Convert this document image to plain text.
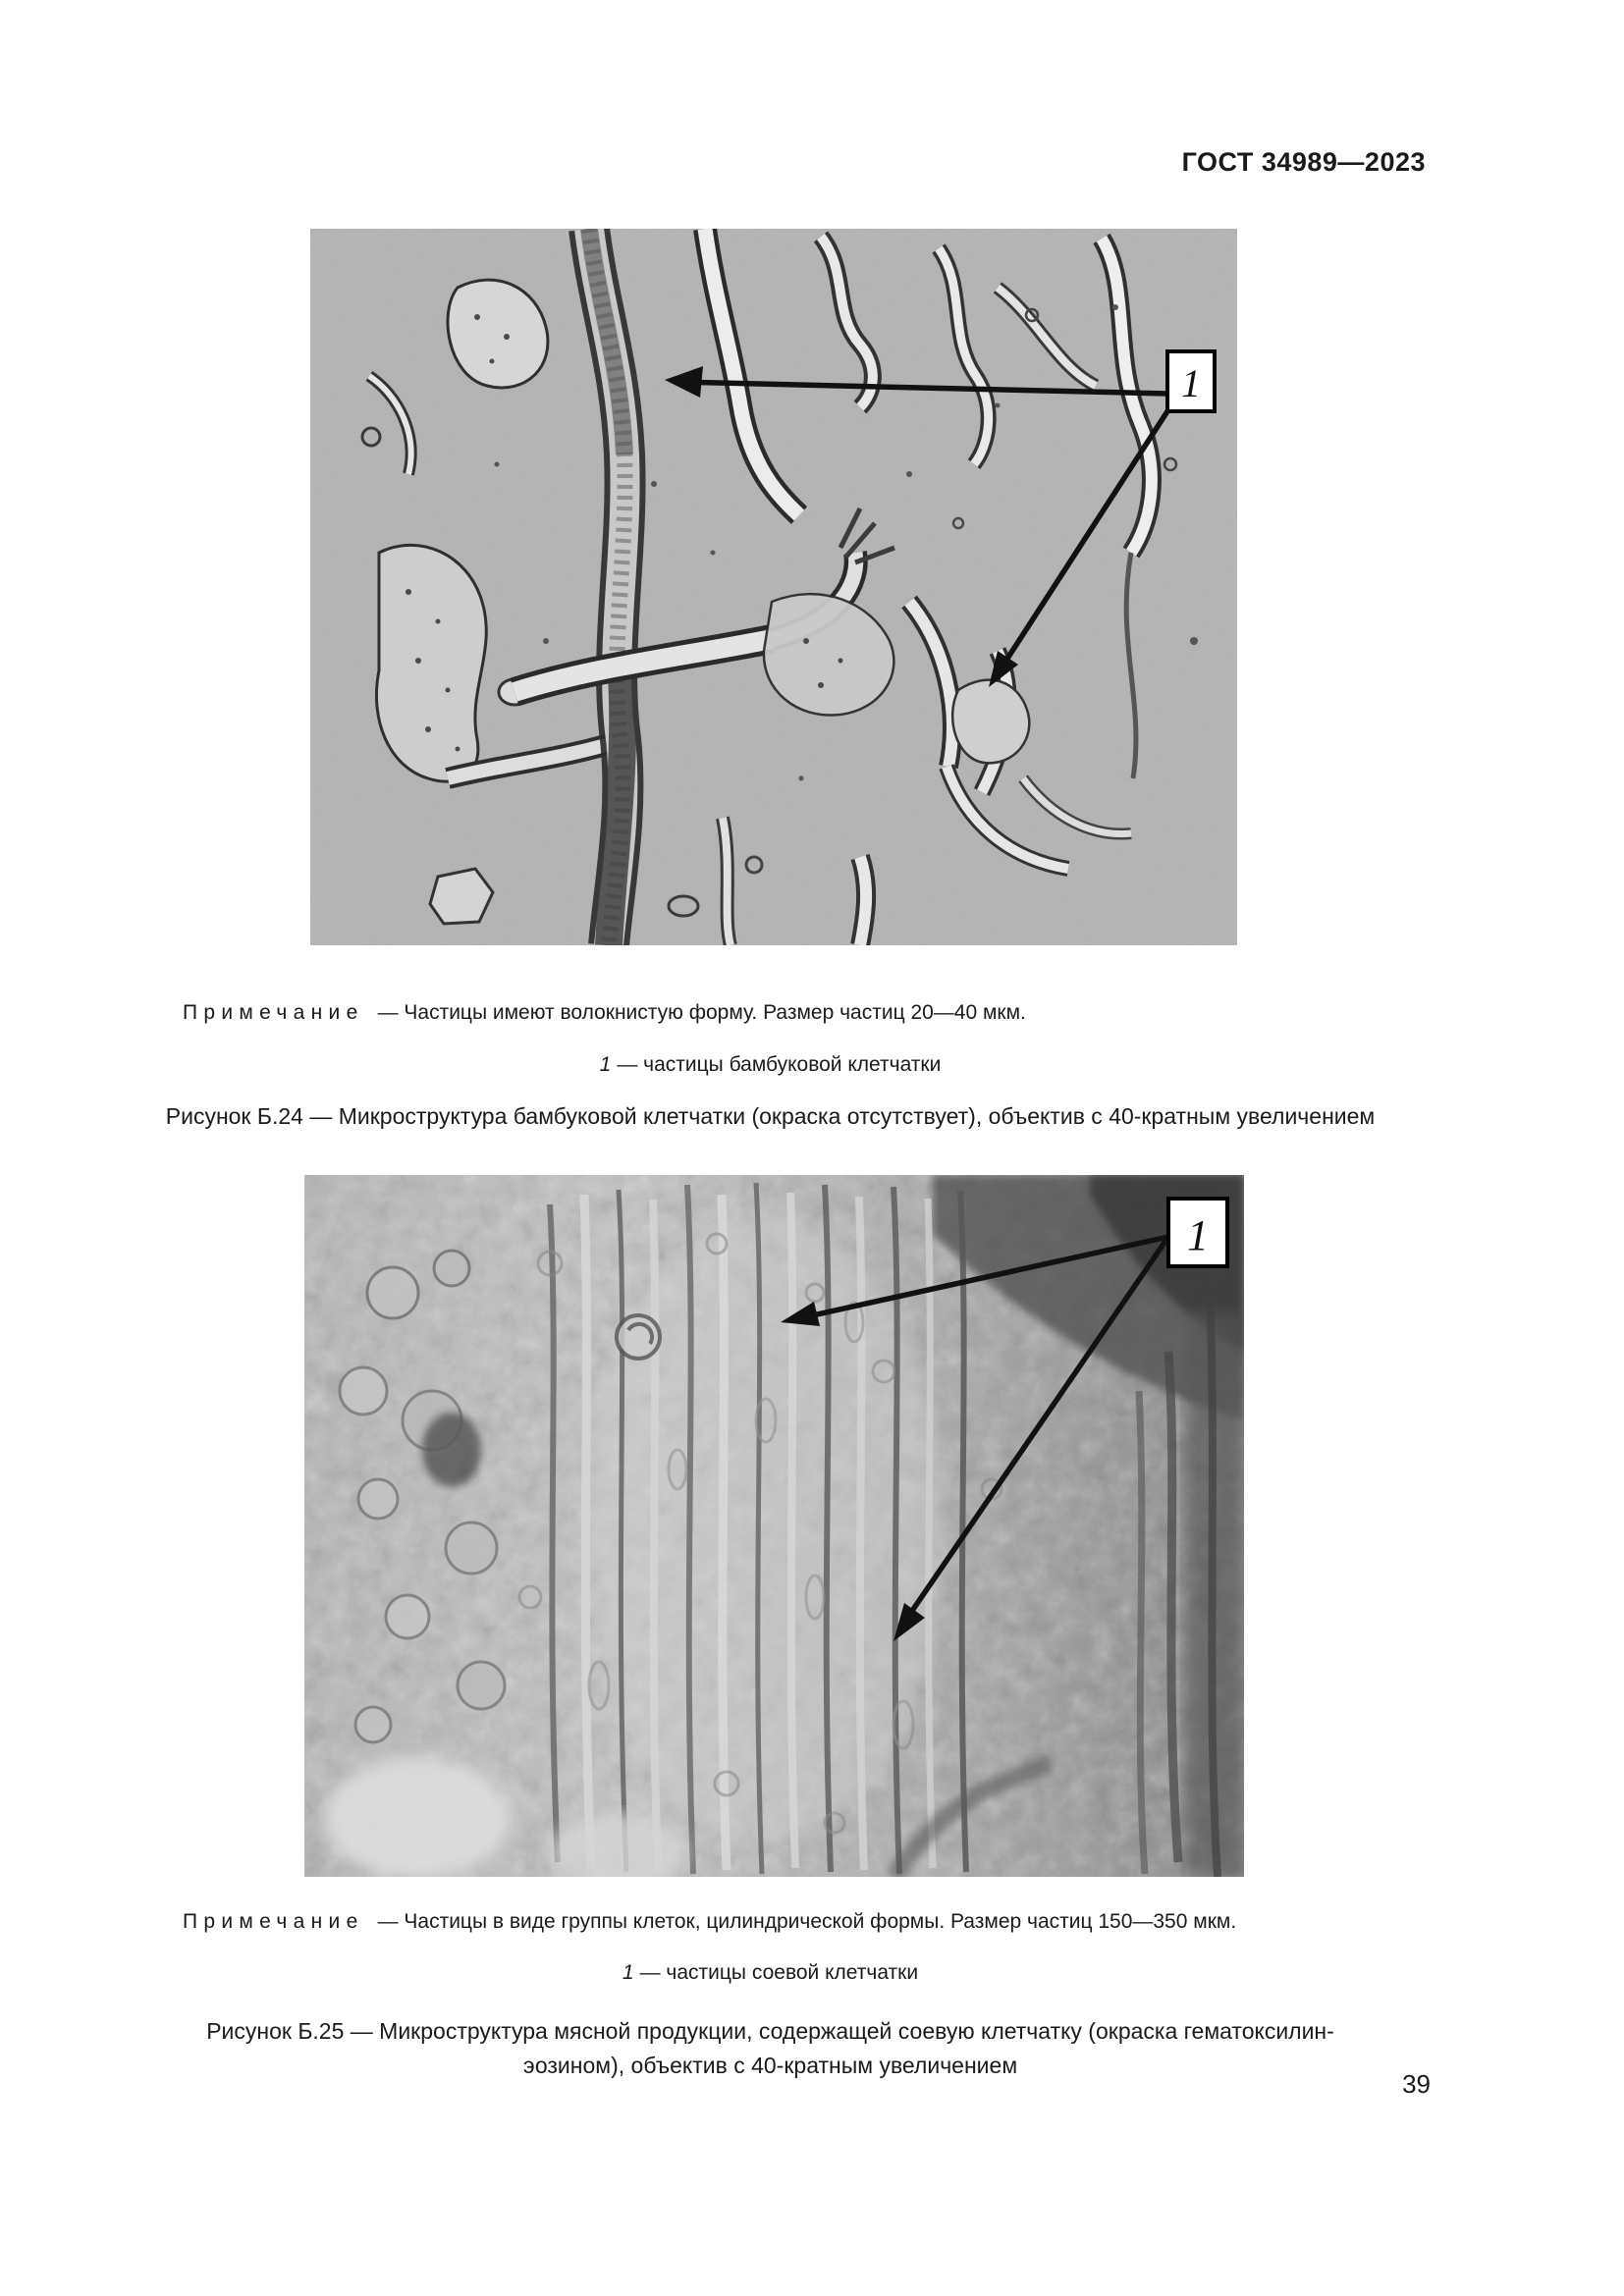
ГОСТ 34989—2023
1
Примечание — Частицы имеют волокнистую форму. Размер частиц 20—40 мкм.
1 — частицы бамбуковой клетчатки
Рисунок Б.24 — Микроструктура бамбуковой клетчатки (окраска отсутствует), объектив с 40-кратным увеличением
1
Примечание — Частицы в виде группы клеток, цилиндрической формы. Размер частиц 150—350 мкм.
1 — частицы соевой клетчатки
Рисунок Б.25 — Микроструктура мясной продукции, содержащей соевую клетчатку (окраска гематоксилин-
эозином), объектив с 40-кратным увеличением
39
